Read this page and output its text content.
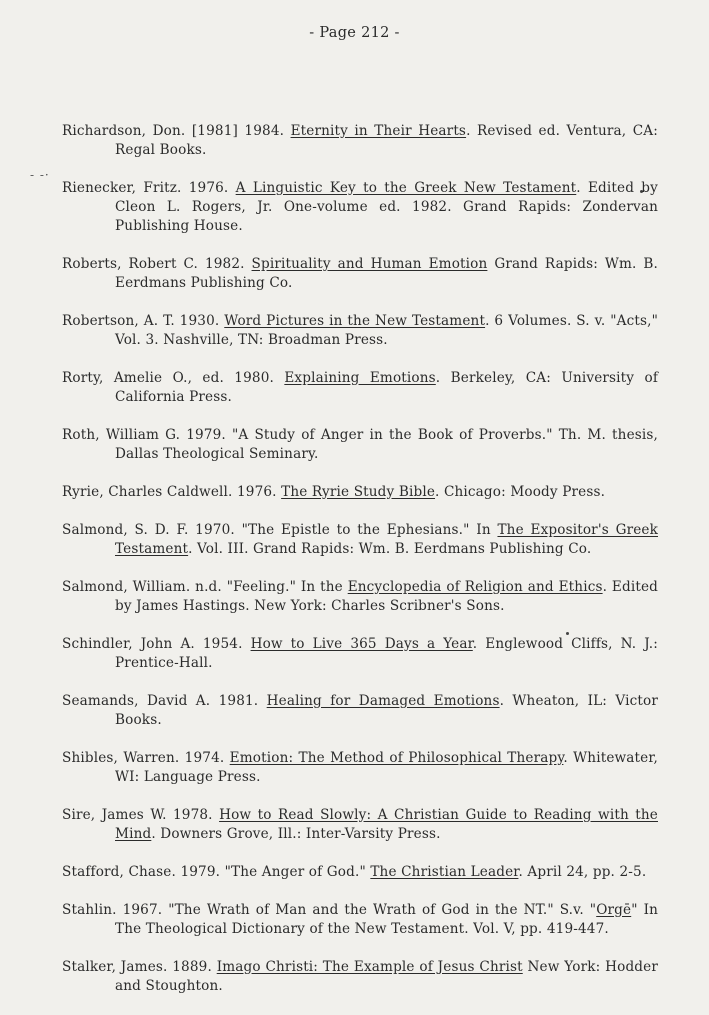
- Page 212 -
- -·

Richardson, Don. [1981] 1984. Eternity in Their Hearts. Revised ed. Ventura, CA: Regal Books.

Rienecker, Fritz. 1976. A Linguistic Key to the Greek New Testament. Edited by Cleon L. Rogers, Jr. One-volume ed. 1982. Grand Rapids: Zondervan Publishing House.

Roberts, Robert C. 1982. Spirituality and Human Emotion Grand Rapids: Wm. B. Eerdmans Publishing Co.

Robertson, A. T. 1930. Word Pictures in the New Testament. 6 Volumes. S. v. "Acts," Vol. 3. Nashville, TN: Broadman Press.

Rorty, Amelie O., ed. 1980. Explaining Emotions. Berkeley, CA: University of California Press.

Roth, William G. 1979. "A Study of Anger in the Book of Proverbs." Th. M. thesis, Dallas Theological Seminary.

Ryrie, Charles Caldwell. 1976. The Ryrie Study Bible. Chicago: Moody Press.

Salmond, S. D. F. 1970. "The Epistle to the Ephesians." In The Expositor's Greek Testament. Vol. III. Grand Rapids: Wm. B. Eerdmans Publishing Co.

Salmond, William. n.d. "Feeling." In the Encyclopedia of Religion and Ethics. Edited by James Hastings. New York: Charles Scribner's Sons.

Schindler, John A. 1954. How to Live 365 Days a Year. Englewood Cliffs, N. J.: Prentice-Hall.

Seamands, David A. 1981. Healing for Damaged Emotions. Wheaton, IL: Victor Books.

Shibles, Warren. 1974. Emotion: The Method of Philosophical Therapy. Whitewater, WI: Language Press.

Sire, James W. 1978. How to Read Slowly: A Christian Guide to Reading with the Mind. Downers Grove, Ill.: Inter-Varsity Press.

Stafford, Chase. 1979. "The Anger of God." The Christian Leader. April 24, pp. 2-5.

Stahlin. 1967. "The Wrath of Man and the Wrath of God in the NT." S.v. "Orgē" In The Theological Dictionary of the New Testament. Vol. V, pp. 419-447.

Stalker, James. 1889. Imago Christi: The Example of Jesus Christ New York: Hodder and Stoughton.
